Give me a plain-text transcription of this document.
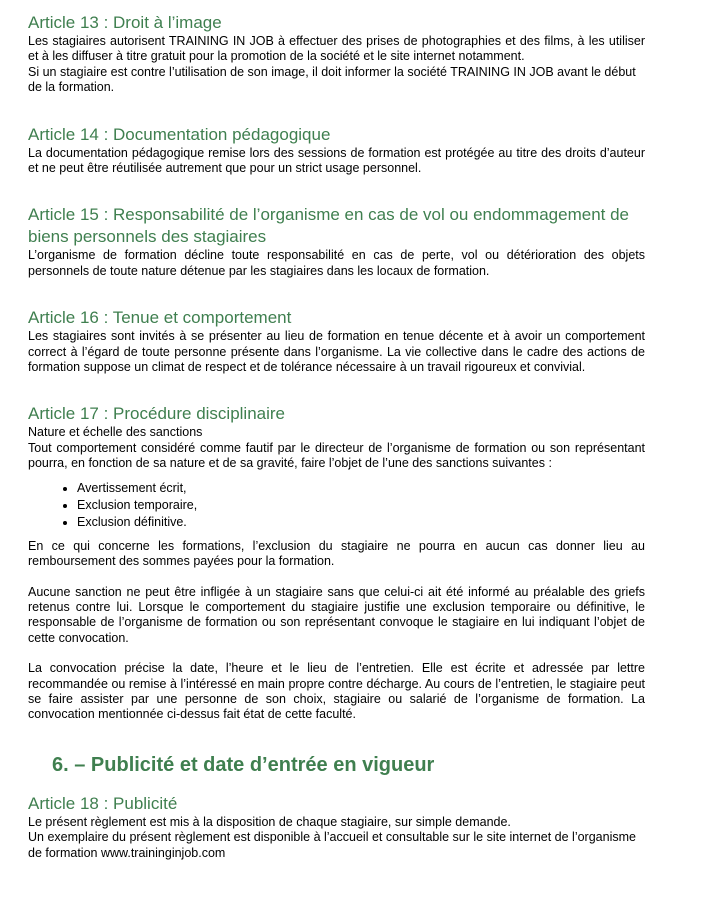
Article 13 : Droit à l’image

Les stagiaires autorisent TRAINING IN JOB à effectuer des prises de photographies et des films, à les utiliser et à les diffuser à titre gratuit pour la promotion de la société et le site internet notamment.

Si un stagiaire est contre l’utilisation de son image, il doit informer la société TRAINING IN JOB avant le début de la formation.

Article 14 : Documentation pédagogique

La documentation pédagogique remise lors des sessions de formation est protégée au titre des droits d’auteur et ne peut être réutilisée autrement que pour un strict usage personnel.

Article 15 : Responsabilité de l’organisme en cas de vol ou endommagement de biens personnels des stagiaires

L’organisme de formation décline toute responsabilité en cas de perte, vol ou détérioration des objets personnels de toute nature détenue par les stagiaires dans les locaux de formation.

Article 16 : Tenue et comportement

Les stagiaires sont invités à se présenter au lieu de formation en tenue décente et à avoir un comportement correct à l’égard de toute personne présente dans l’organisme. La vie collective dans le cadre des actions de formation suppose un climat de respect et de tolérance nécessaire à un travail rigoureux et convivial.

Article 17 : Procédure disciplinaire

Nature et échelle des sanctions

Tout comportement considéré comme fautif par le directeur de l’organisme de formation ou son représentant pourra, en fonction de sa nature et de sa gravité, faire l’objet de l’une des sanctions suivantes :

• Avertissement écrit,
• Exclusion temporaire,
• Exclusion définitive.

En ce qui concerne les formations, l’exclusion du stagiaire ne pourra en aucun cas donner lieu au remboursement des sommes payées pour la formation.

Aucune sanction ne peut être infligée à un stagiaire sans que celui-ci ait été informé au préalable des griefs retenus contre lui. Lorsque le comportement du stagiaire justifie une exclusion temporaire ou définitive, le responsable de l’organisme de formation ou son représentant convoque le stagiaire en lui indiquant l’objet de cette convocation.

La convocation précise la date, l’heure et le lieu de l’entretien. Elle est écrite et adressée par lettre recommandée ou remise à l’intéressé en main propre contre décharge. Au cours de l’entretien, le stagiaire peut se faire assister par une personne de son choix, stagiaire ou salarié de l’organisme de formation. La convocation mentionnée ci-dessus fait état de cette faculté.

6. – Publicité et date d’entrée en vigueur
Article 18 : Publicité

Le présent règlement est mis à la disposition de chaque stagiaire, sur simple demande.

Un exemplaire du présent règlement est disponible à l’accueil et consultable sur le site internet de l’organisme de formation www.traininginjob.com
